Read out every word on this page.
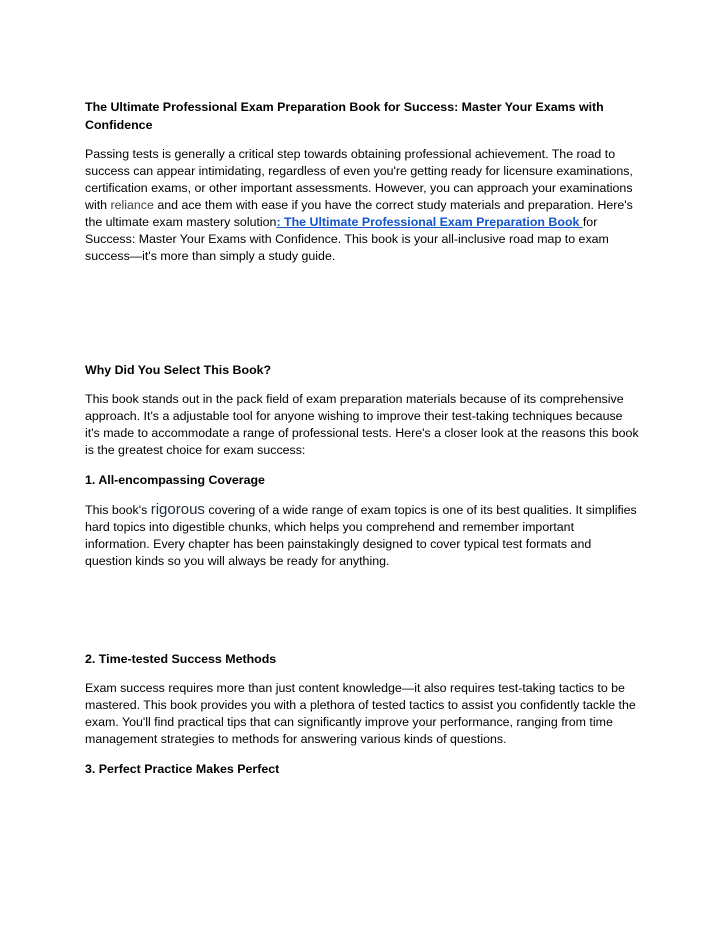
The Ultimate Professional Exam Preparation Book for Success: Master Your Exams with Confidence

Passing tests is generally a critical step towards obtaining professional achievement. The road to success can appear intimidating, regardless of even you're getting ready for licensure examinations, certification exams, or other important assessments. However, you can approach your examinations with reliance and ace them with ease if you have the correct study materials and preparation. Here's the ultimate exam mastery solution: The Ultimate Professional Exam Preparation Book for Success: Master Your Exams with Confidence. This book is your all-inclusive road map to exam success—it's more than simply a study guide.

Why Did You Select This Book?

This book stands out in the pack field of exam preparation materials because of its comprehensive approach. It's a adjustable tool for anyone wishing to improve their test-taking techniques because it's made to accommodate a range of professional tests. Here's a closer look at the reasons this book is the greatest choice for exam success:

1. All-encompassing Coverage

This book's rigorous covering of a wide range of exam topics is one of its best qualities. It simplifies hard topics into digestible chunks, which helps you comprehend and remember important information. Every chapter has been painstakingly designed to cover typical test formats and question kinds so you will always be ready for anything.

2. Time-tested Success Methods

Exam success requires more than just content knowledge—it also requires test-taking tactics to be mastered. This book provides you with a plethora of tested tactics to assist you confidently tackle the exam. You'll find practical tips that can significantly improve your performance, ranging from time management strategies to methods for answering various kinds of questions.

3. Perfect Practice Makes Perfect
